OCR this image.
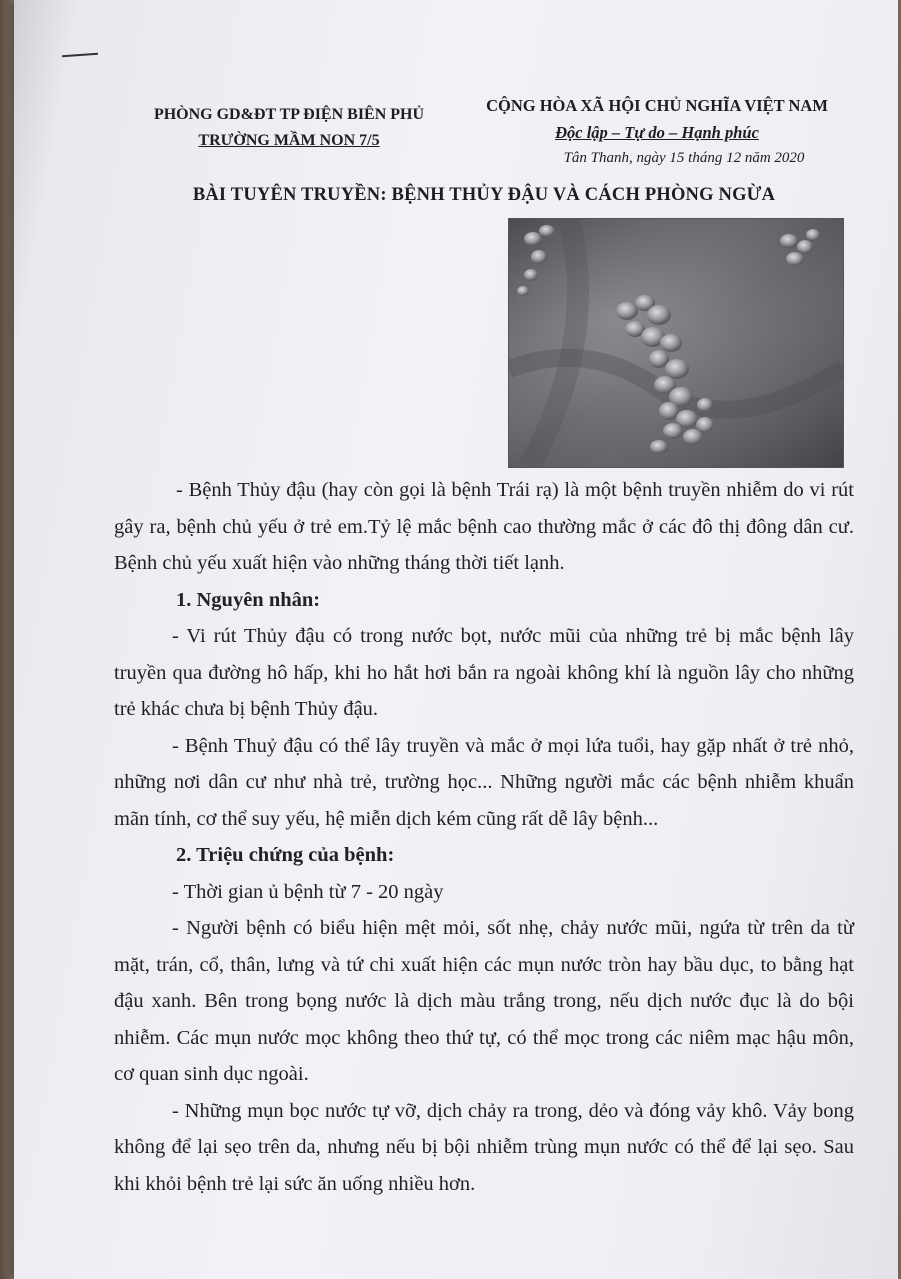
PHÒNG GD&ĐT TP ĐIỆN BIÊN PHỦ
TRƯỜNG MẦM NON 7/5
CỘNG HÒA XÃ HỘI CHỦ NGHĨA VIỆT NAM
Độc lập – Tự do – Hạnh phúc
Tân Thanh, ngày 15 tháng 12 năm 2020
BÀI TUYÊN TRUYỀN: BỆNH THỦY ĐẬU VÀ CÁCH PHÒNG NGỪA

- Bệnh Thủy đậu (hay còn gọi là bệnh Trái rạ) là một bệnh truyền nhiễm do vi rút gây ra, bệnh chủ yếu ở trẻ em.Tỷ lệ mắc bệnh cao thường mắc ở các đô thị đông dân cư. Bệnh chủ yếu xuất hiện vào những tháng thời tiết lạnh.

1. Nguyên nhân:

- Vi rút Thủy đậu có trong nước bọt, nước mũi của những trẻ bị mắc bệnh lây truyền qua đường hô hấp, khi ho hắt hơi bắn ra ngoài không khí là nguồn lây cho những trẻ khác chưa bị bệnh Thủy đậu.

- Bệnh Thuỷ đậu có thể lây truyền và mắc ở mọi lứa tuổi, hay gặp nhất ở trẻ nhỏ, những nơi dân cư như nhà trẻ, trường học... Những người mắc các bệnh nhiễm khuẩn mãn tính, cơ thể suy yếu, hệ miễn dịch kém cũng rất dễ lây bệnh...

2. Triệu chứng của bệnh:

- Thời gian ủ bệnh từ 7 - 20 ngày

- Người bệnh có biểu hiện mệt mỏi, sốt nhẹ, chảy nước mũi, ngứa từ trên da từ mặt, trán, cổ, thân, lưng và tứ chi xuất hiện các mụn nước tròn hay bầu dục, to bằng hạt đậu xanh. Bên trong bọng nước là dịch màu trắng trong, nếu dịch nước đục là do bội nhiễm. Các mụn nước mọc không theo thứ tự, có thể mọc trong các niêm mạc hậu môn, cơ quan sinh dục ngoài.

- Những mụn bọc nước tự vỡ, dịch chảy ra trong, dẻo và đóng vảy khô. Vảy bong không để lại sẹo trên da, nhưng nếu bị bội nhiễm trùng mụn nước có thể để lại sẹo. Sau khi khỏi bệnh trẻ lại sức ăn uống nhiều hơn.
